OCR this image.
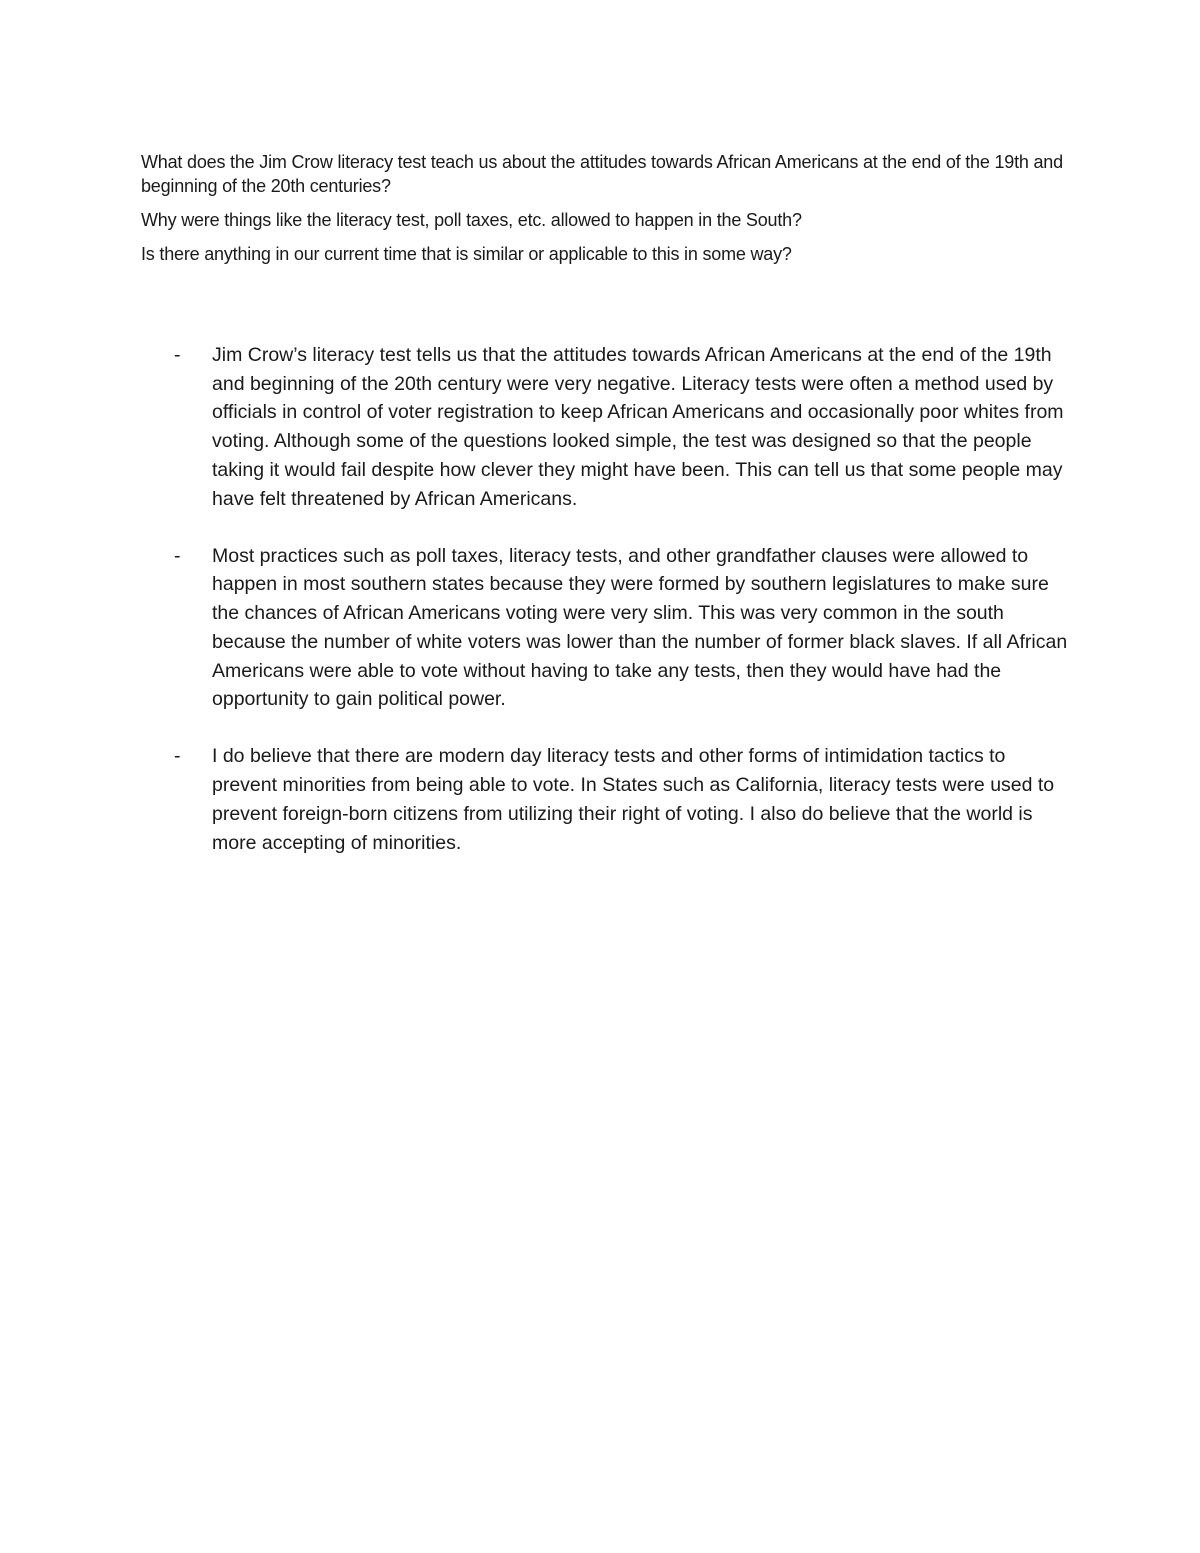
What does the Jim Crow literacy test teach us about the attitudes towards African Americans at the end of the 19th and beginning of the 20th centuries?

Why were things like the literacy test, poll taxes, etc. allowed to happen in the South?

Is there anything in our current time that is similar or applicable to this in some way?

-	Jim Crow’s literacy test tells us that the attitudes towards African Americans at the end of the 19th and beginning of the 20th century were very negative. Literacy tests were often a method used by officials in control of voter registration to keep African Americans and occasionally poor whites from voting. Although some of the questions looked simple, the test was designed so that the people taking it would fail despite how clever they might have been. This can tell us that some people may have felt threatened by African Americans.
-	Most practices such as poll taxes, literacy tests, and other grandfather clauses were allowed to happen in most southern states because they were formed by southern legislatures to make sure the chances of African Americans voting were very slim. This was very common in the south because the number of white voters was lower than the number of former black slaves. If all African Americans were able to vote without having to take any tests, then they would have had the opportunity to gain political power.
-	I do believe that there are modern day literacy tests and other forms of intimidation tactics to prevent minorities from being able to vote. In States such as California, literacy tests were used to prevent foreign-born citizens from utilizing their right of voting. I also do believe that the world is more accepting of minorities.
